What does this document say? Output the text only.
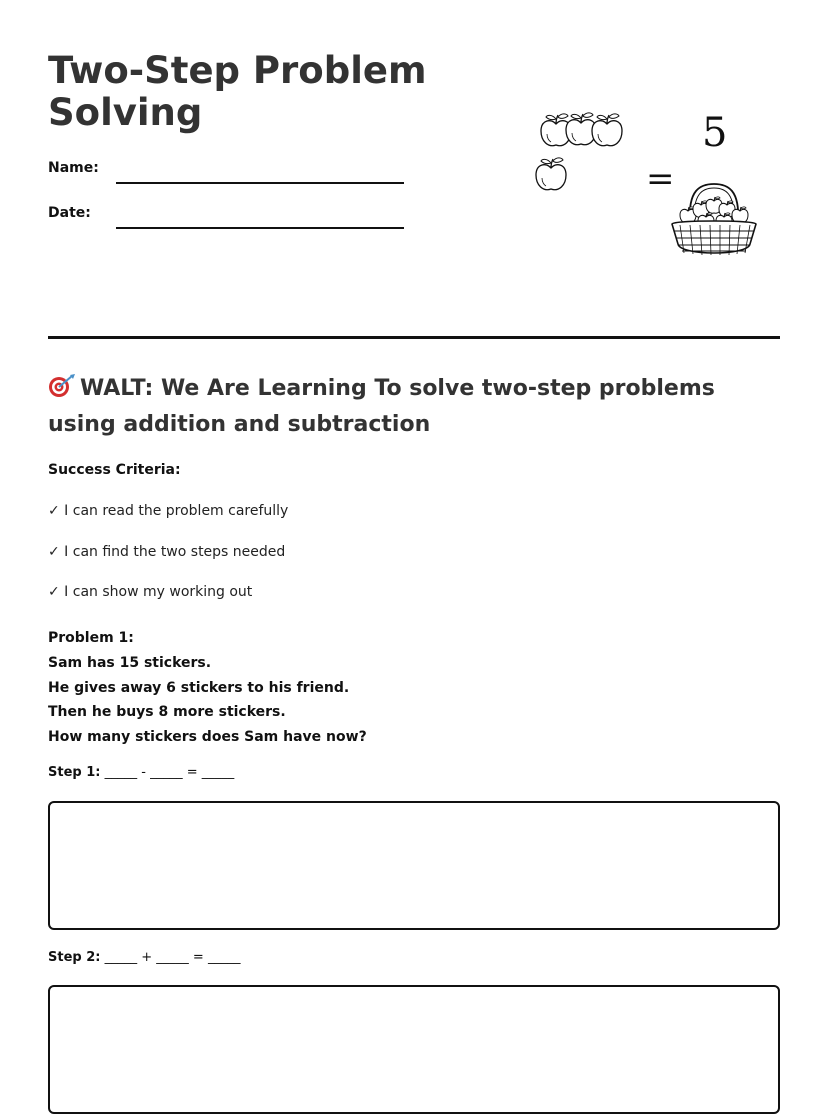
Two-Step Problem Solving
Name:
Date:
=
5
WALT: We Are Learning To solve two-step problems using addition and subtraction
Success Criteria:
✓ I can read the problem carefully
✓ I can find the two steps needed
✓ I can show my working out
Problem 1:
Sam has 15 stickers.
He gives away 6 stickers to his friend.
Then he buys 8 more stickers.
How many stickers does Sam have now?
Step 1: _____ - _____ = _____
Step 2: _____ + _____ = _____
